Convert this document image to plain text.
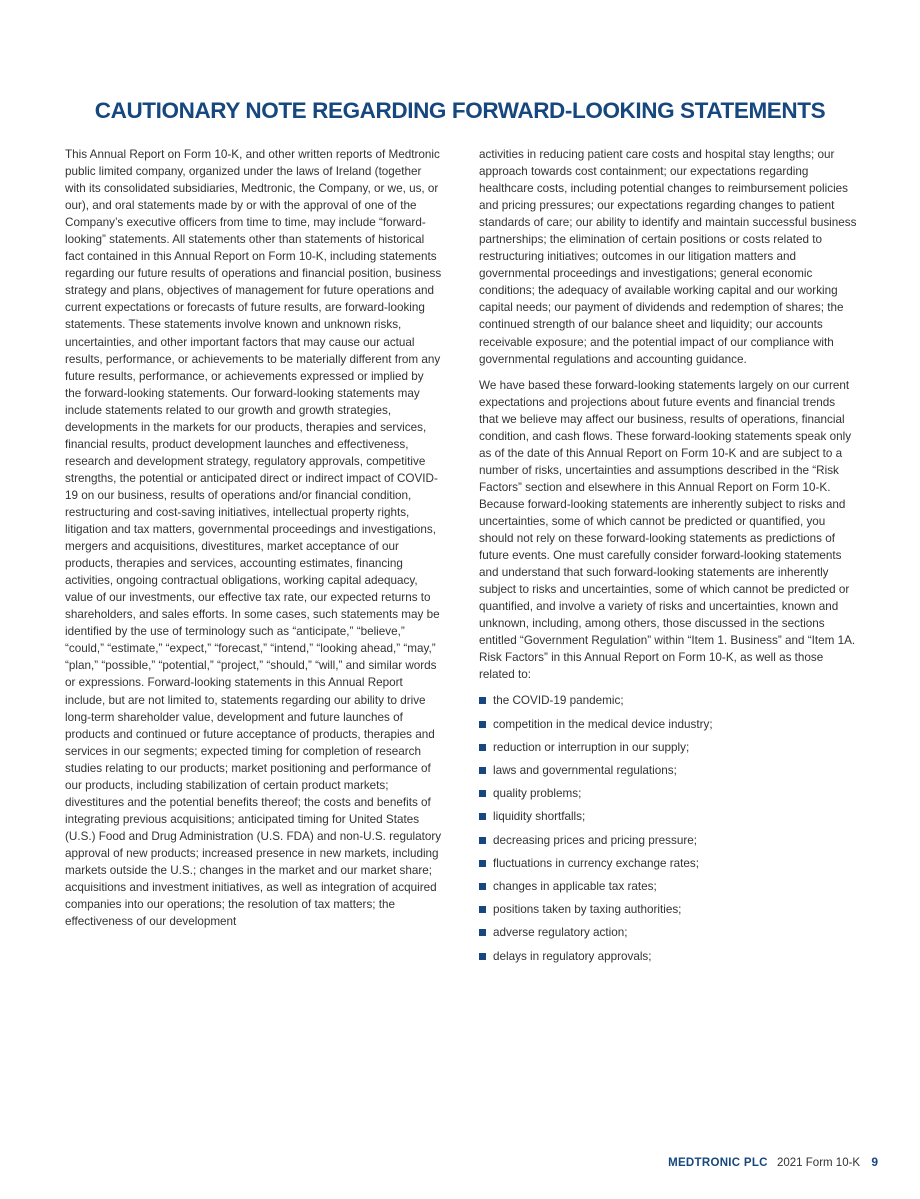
CAUTIONARY NOTE REGARDING FORWARD-LOOKING STATEMENTS

This Annual Report on Form 10-K, and other written reports of Medtronic public limited company, organized under the laws of Ireland (together with its consolidated subsidiaries, Medtronic, the Company, or we, us, or our), and oral statements made by or with the approval of one of the Company’s executive officers from time to time, may include “forward-looking” statements. All statements other than statements of historical fact contained in this Annual Report on Form 10-K, including statements regarding our future results of operations and financial position, business strategy and plans, objectives of management for future operations and current expectations or forecasts of future results, are forward-looking statements. These statements involve known and unknown risks, uncertainties, and other important factors that may cause our actual results, performance, or achievements to be materially different from any future results, performance, or achievements expressed or implied by the forward-looking statements. Our forward-looking statements may include statements related to our growth and growth strategies, developments in the markets for our products, therapies and services, financial results, product development launches and effectiveness, research and development strategy, regulatory approvals, competitive strengths, the potential or anticipated direct or indirect impact of COVID-19 on our business, results of operations and/or financial condition, restructuring and cost-saving initiatives, intellectual property rights, litigation and tax matters, governmental proceedings and investigations, mergers and acquisitions, divestitures, market acceptance of our products, therapies and services, accounting estimates, financing activities, ongoing contractual obligations, working capital adequacy, value of our investments, our effective tax rate, our expected returns to shareholders, and sales efforts. In some cases, such statements may be identified by the use of terminology such as “anticipate,” “believe,” “could,” “estimate,” “expect,” “forecast,” “intend,” “looking ahead,” “may,” “plan,” “possible,” “potential,” “project,” “should,” “will,” and similar words or expressions. Forward-looking statements in this Annual Report include, but are not limited to, statements regarding our ability to drive long-term shareholder value, development and future launches of products and continued or future acceptance of products, therapies and services in our segments; expected timing for completion of research studies relating to our products; market positioning and performance of our products, including stabilization of certain product markets; divestitures and the potential benefits thereof; the costs and benefits of integrating previous acquisitions; anticipated timing for United States (U.S.) Food and Drug Administration (U.S. FDA) and non-U.S. regulatory approval of new products; increased presence in new markets, including markets outside the U.S.; changes in the market and our market share; acquisitions and investment initiatives, as well as integration of acquired companies into our operations; the resolution of tax matters; the effectiveness of our development

activities in reducing patient care costs and hospital stay lengths; our approach towards cost containment; our expectations regarding healthcare costs, including potential changes to reimbursement policies and pricing pressures; our expectations regarding changes to patient standards of care; our ability to identify and maintain successful business partnerships; the elimination of certain positions or costs related to restructuring initiatives; outcomes in our litigation matters and governmental proceedings and investigations; general economic conditions; the adequacy of available working capital and our working capital needs; our payment of dividends and redemption of shares; the continued strength of our balance sheet and liquidity; our accounts receivable exposure; and the potential impact of our compliance with governmental regulations and accounting guidance.

We have based these forward-looking statements largely on our current expectations and projections about future events and financial trends that we believe may affect our business, results of operations, financial condition, and cash flows. These forward-looking statements speak only as of the date of this Annual Report on Form 10-K and are subject to a number of risks, uncertainties and assumptions described in the “Risk Factors” section and elsewhere in this Annual Report on Form 10-K. Because forward-looking statements are inherently subject to risks and uncertainties, some of which cannot be predicted or quantified, you should not rely on these forward-looking statements as predictions of future events. One must carefully consider forward-looking statements and understand that such forward-looking statements are inherently subject to risks and uncertainties, some of which cannot be predicted or quantified, and involve a variety of risks and uncertainties, known and unknown, including, among others, those discussed in the sections entitled “Government Regulation” within “Item 1. Business” and “Item 1A. Risk Factors” in this Annual Report on Form 10-K, as well as those related to:

the COVID-19 pandemic;
competition in the medical device industry;
reduction or interruption in our supply;
laws and governmental regulations;
quality problems;
liquidity shortfalls;
decreasing prices and pricing pressure;
fluctuations in currency exchange rates;
changes in applicable tax rates;
positions taken by taxing authorities;
adverse regulatory action;
delays in regulatory approvals;
MEDTRONIC PLC 2021 Form 10-K 9
